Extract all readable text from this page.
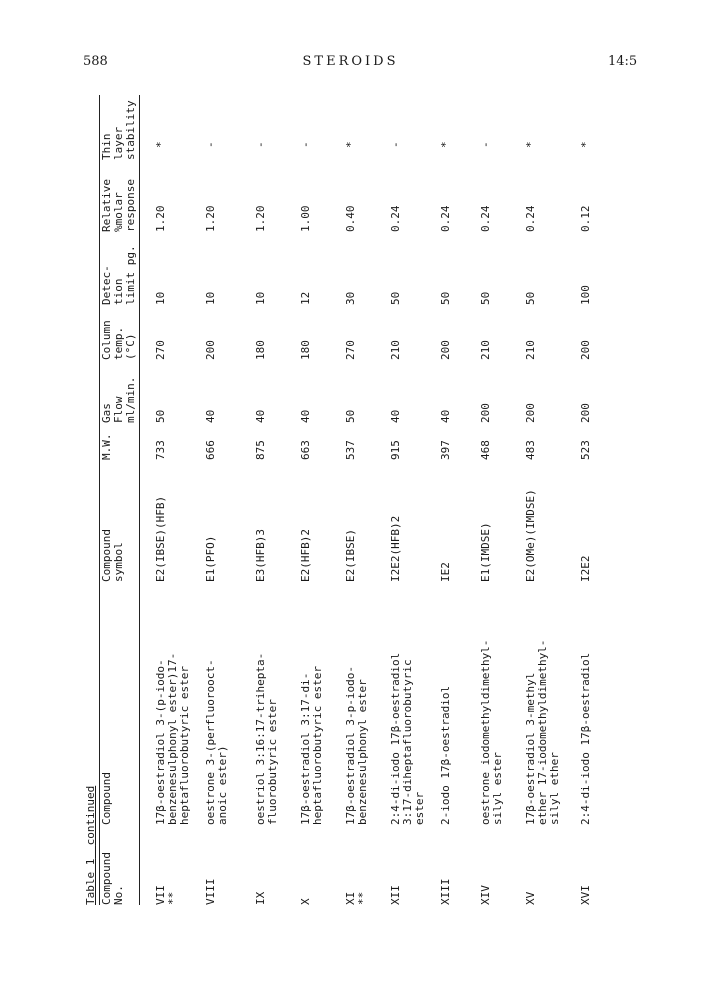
588	STEROIDS	14:5
Table 1  continued
Compound
No.
Compound
Compound
symbol
M.W.
Gas
Flow
ml/min.
Column
temp.
(°C)
Detec-
tion
limit pg.
Relative
%molar
response
Thin
layer
stability
VII
**
17β-oestradiol 3-(p-iodo-
benzenesulphonyl ester)17-
heptafluorobutyric ester
E2(IBSE)(HFB)
733
50
270
10
1.20
*
VIII
oestrone 3-(perfluorooct-
anoic ester)
E1(PFO)
666
40
200
10
1.20
-
IX
oestriol 3:16:17-trihepta-
fluorobutyric ester
E3(HFB)3
875
40
180
10
1.20
-
X
17β-oestradiol 3:17-di-
heptafluorobutyric ester
E2(HFB)2
663
40
180
12
1.00
-
XI
**
17β-oestradiol 3-p-iodo-
benzenesulphonyl ester
E2(IBSE)
537
50
270
30
0.40
*
XII
2:4-di-iodo 17β-oestradiol
3:17-diheptafluorobutyric
ester
I2E2(HFB)2
915
40
210
50
0.24
-
XIII
2-iodo 17β-oestradiol
IE2
397
40
200
50
0.24
*
XIV
oestrone iodomethyldimethyl-
silyl ester
E1(IMDSE)
468
200
210
50
0.24
-
XV
17β-oestradiol 3-methyl
ether 17-iodomethyldimethyl-
silyl ether
E2(OMe)(IMDSE)
483
200
210
50
0.24
*
XVI
2:4-di-iodo 17β-oestradiol
I2E2
523
200
200
100
0.12
*
